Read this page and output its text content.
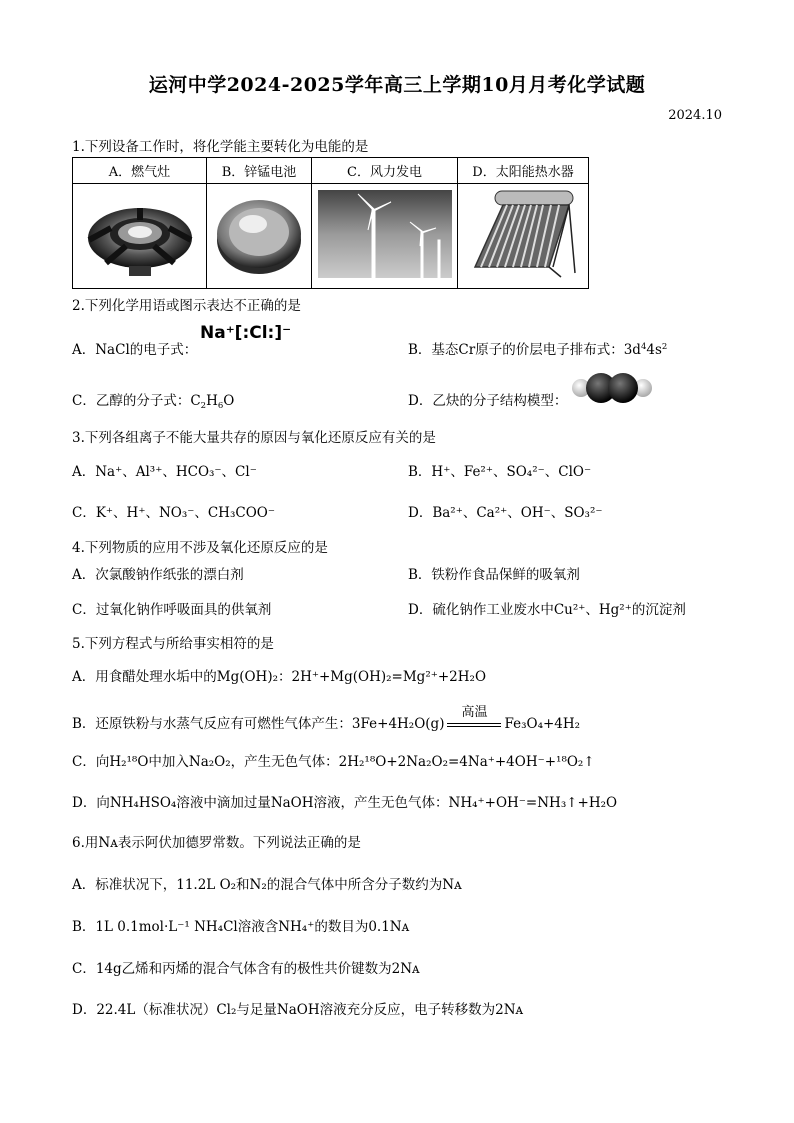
运河中学2024-2025学年高三上学期10月月考化学试题
2024.10
1.下列设备工作时，将化学能主要转化为电能的是
A．燃气灶	B．锌锰电池	C．风力发电	D．太阳能热水器

2.下列化学用语或图示表达不正确的是
A．NaCl的电子式：
Na⁺[:Cl:]⁻
B．基态Cr原子的价层电子排布式：$3d^44s^2$
C．乙醇的分子式：$C_2H_6O$	D．乙炔的分子结构模型：
3.下列各组离子不能大量共存的原因与氧化还原反应有关的是
A．Na⁺、Al³⁺、HCO₃⁻、Cl⁻	B．H⁺、Fe²⁺、SO₄²⁻、ClO⁻
C．K⁺、H⁺、NO₃⁻、CH₃COO⁻	D．Ba²⁺、Ca²⁺、OH⁻、SO₃²⁻
4.下列物质的应用不涉及氧化还原反应的是
A．次氯酸钠作纸张的漂白剂	B．铁粉作食品保鲜的吸氧剂
C．过氧化钠作呼吸面具的供氧剂	D．硫化钠作工业废水中Cu²⁺、Hg²⁺的沉淀剂
5.下列方程式与所给事实相符的是
A．用食醋处理水垢中的Mg(OH)₂：2H⁺+Mg(OH)₂=Mg²⁺+2H₂O
B．还原铁粉与水蒸气反应有可燃性气体产生：3Fe+4H₂O(g)
高温
Fe₃O₄+4H₂
C．向H₂¹⁸O中加入Na₂O₂，产生无色气体：2H₂¹⁸O+2Na₂O₂=4Na⁺+4OH⁻+¹⁸O₂↑
D．向NH₄HSO₄溶液中滴加过量NaOH溶液，产生无色气体：NH₄⁺+OH⁻=NH₃↑+H₂O
6.用Nᴀ表示阿伏加德罗常数。下列说法正确的是
A．标准状况下，11.2L O₂和N₂的混合气体中所含分子数约为Nᴀ
B．1L 0.1mol·L⁻¹ NH₄Cl溶液含NH₄⁺的数目为0.1Nᴀ
C．14g乙烯和丙烯的混合气体含有的极性共价键数为2Nᴀ
D．22.4L（标准状况）Cl₂与足量NaOH溶液充分反应，电子转移数为2Nᴀ
